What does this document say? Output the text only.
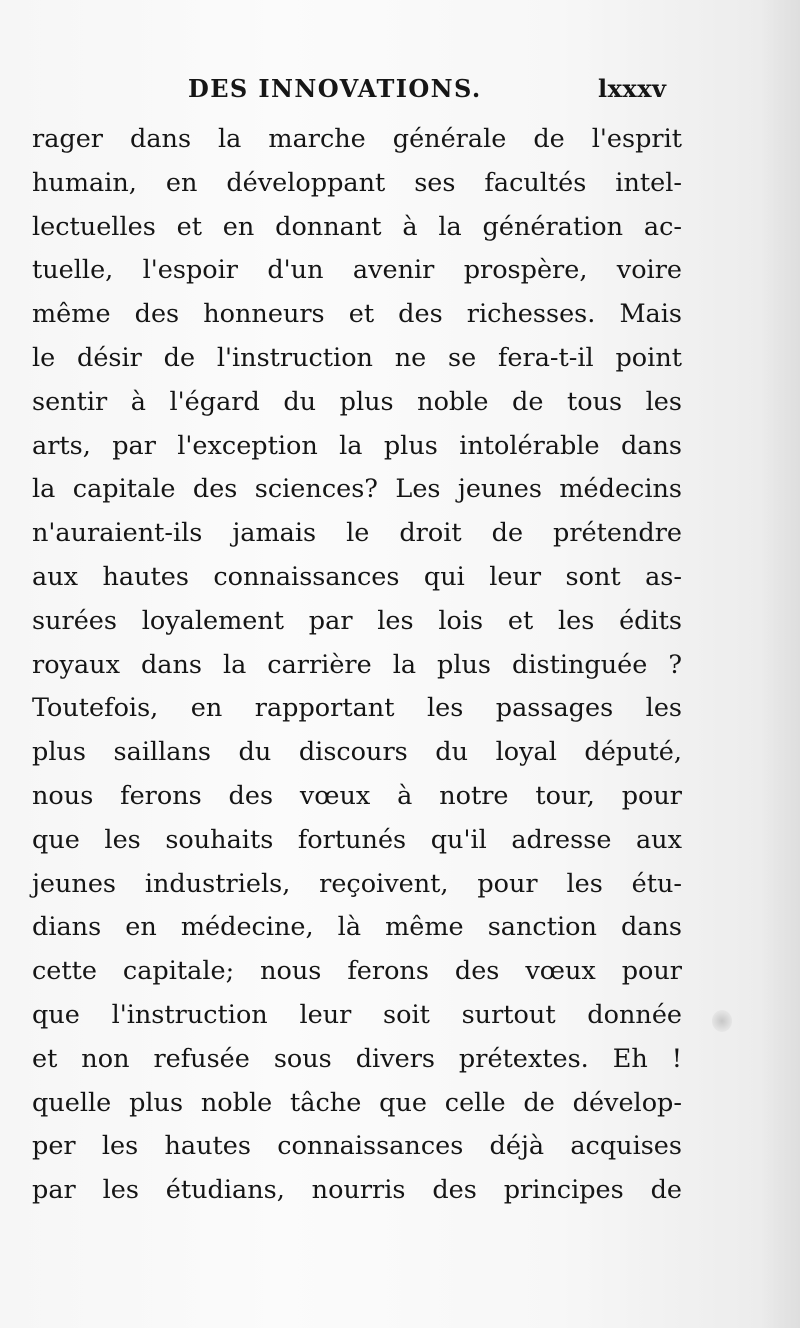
DES INNOVATIONS.	lxxxv
rager dans la marche générale de l'esprit
humain, en développant ses facultés intel-
lectuelles et en donnant à la génération ac-
tuelle, l'espoir d'un avenir prospère, voire
même des honneurs et des richesses. Mais
le désir de l'instruction ne se fera-t-il point
sentir à l'égard du plus noble de tous les
arts, par l'exception la plus intolérable dans
la capitale des sciences? Les jeunes médecins
n'auraient-ils jamais le droit de prétendre
aux hautes connaissances qui leur sont as-
surées loyalement par les lois et les édits
royaux dans la carrière la plus distinguée ?
Toutefois, en rapportant les passages les
plus saillans du discours du loyal député,
nous ferons des vœux à notre tour, pour
que les souhaits fortunés qu'il adresse aux
jeunes industriels, reçoivent, pour les étu-
dians en médecine, là même sanction dans
cette capitale; nous ferons des vœux pour
que l'instruction leur soit surtout donnée
et non refusée sous divers prétextes. Eh !
quelle plus noble tâche que celle de dévelop-
per les hautes connaissances déjà acquises
par les étudians, nourris des principes de
